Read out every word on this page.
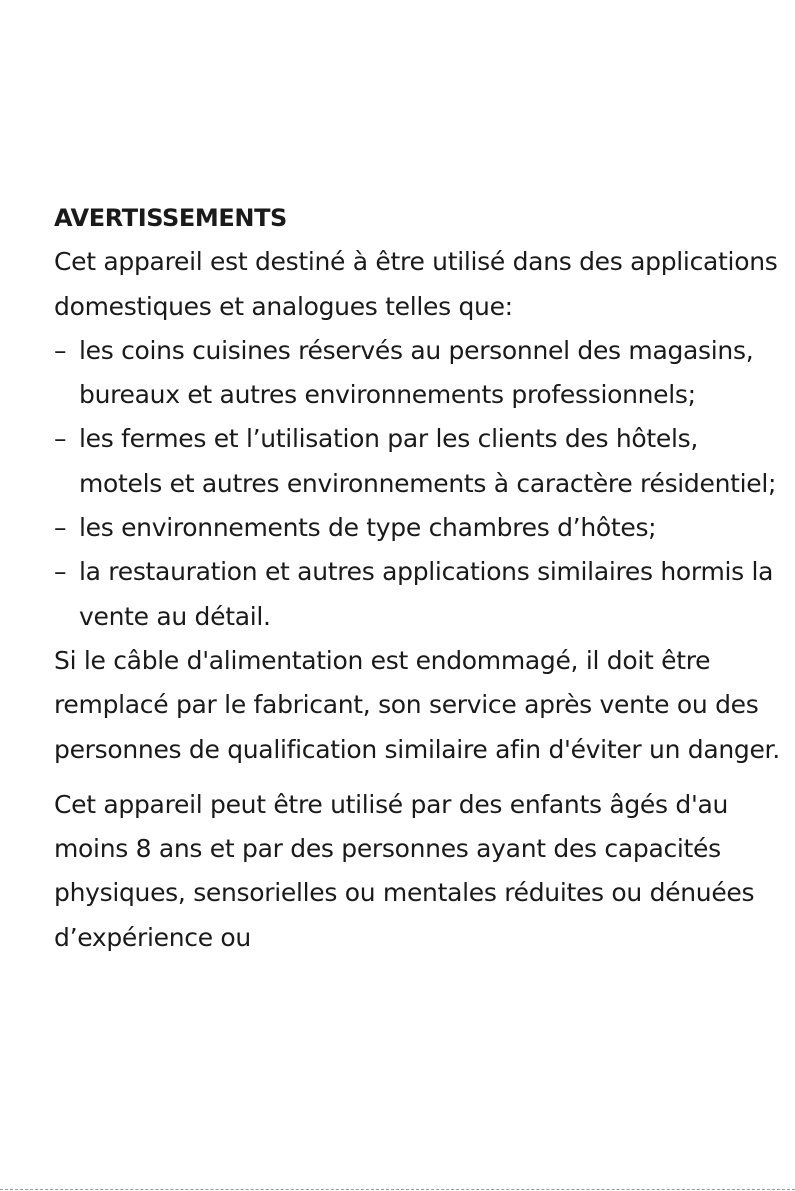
AVERTISSEMENTS

Cet appareil est destiné à être utilisé dans des applications domestiques et analogues telles que:

– les coins cuisines réservés au personnel des magasins, bureaux et autres environnements professionnels;
– les fermes et l’utilisation par les clients des hôtels, motels et autres environnements à caractère résidentiel;
– les environnements de type chambres d’hôtes;
– la restauration et autres applications similaires hormis la vente au détail.

Si le câble d'alimentation est endommagé, il doit être remplacé par le fabricant, son service après vente ou des personnes de qualification similaire afin d'éviter un danger.

Cet appareil peut être utilisé par des enfants âgés d'au moins 8 ans et par des personnes ayant des capacités physiques, sensorielles ou mentales réduites ou dénuées d’expérience ou
